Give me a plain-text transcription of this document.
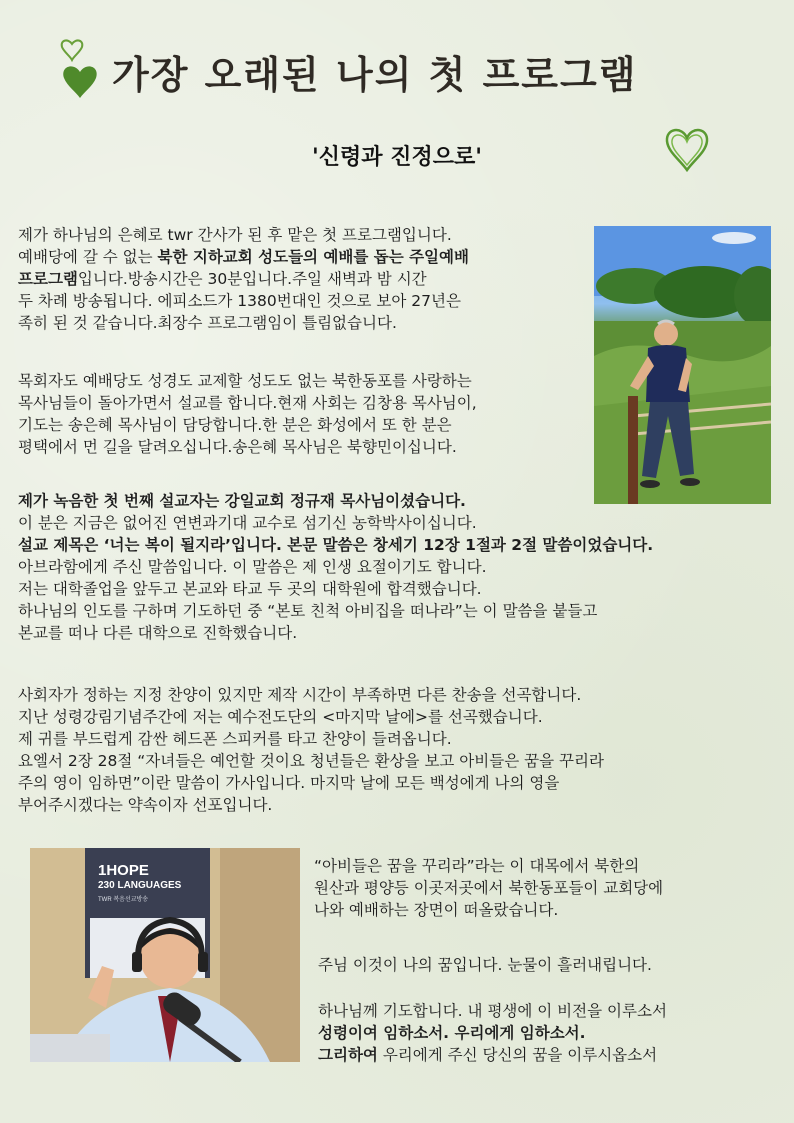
가장 오래된 나의 첫 프로그램
'신령과 진정으로'
제가 하나님의 은혜로 twr 간사가 된 후 맡은 첫 프로그램입니다.
예배당에 갈 수 없는 북한 지하교회 성도들의 예배를 돕는 주일예배
프로그램입니다.방송시간은 30분입니다.주일 새벽과 밤 시간
두 차례 방송됩니다. 에피소드가 1380번대인 것으로 보아 27년은
족히 된 것 같습니다.최장수 프로그램임이 틀림없습니다.
목회자도 예배당도 성경도 교제할 성도도 없는 북한동포를 사랑하는
목사님들이 돌아가면서 설교를 합니다.현재 사회는 김창용 목사님이,
기도는 송은혜 목사님이 담당합니다.한 분은 화성에서 또 한 분은
평택에서 먼 길을 달려오십니다.송은혜 목사님은 북향민이십니다.
제가 녹음한 첫 번째 설교자는 강일교회 정규재 목사님이셨습니다.
이 분은 지금은 없어진 연변과기대 교수로 섬기신 농학박사이십니다.
설교 제목은 ‘너는 복이 될지라’입니다. 본문 말씀은 창세기 12장 1절과 2절 말씀이었습니다.
아브라함에게 주신 말씀입니다. 이 말씀은 제 인생 요절이기도 합니다.
저는 대학졸업을 앞두고 본교와 타교 두 곳의 대학원에 합격했습니다.
하나님의 인도를 구하며 기도하던 중 “본토 친척 아비집을 떠나라”는 이 말씀을 붙들고
본교를 떠나 다른 대학으로 진학했습니다.
사회자가 정하는 지정 찬양이 있지만 제작 시간이 부족하면 다른 찬송을 선곡합니다.
지난 성령강림기념주간에 저는 예수전도단의 <마지막 날에>를 선곡했습니다.
제 귀를 부드럽게 감싼 헤드폰 스피커를 타고 찬양이 들려옵니다.
요엘서 2장 28절 “자녀들은 예언할 것이요 청년들은 환상을 보고 아비들은 꿈을 꾸리라
주의 영이 임하면”이란 말씀이 가사입니다. 마지막 날에 모든 백성에게 나의 영을
부어주시겠다는 약속이자 선포입니다.
“아비들은 꿈을 꾸리라”라는 이 대목에서 북한의
원산과 평양등 이곳저곳에서 북한동포들이 교회당에
나와 예배하는 장면이 떠올랐습니다.
주님 이것이 나의 꿈입니다. 눈물이 흘러내립니다.
하나님께 기도합니다. 내 평생에 이 비전을 이루소서
성령이여 임하소서. 우리에게 임하소서.
그리하여 우리에게 주신 당신의 꿈을 이루시옵소서
1HOPE
230 LANGUAGES
TWR 복음선교방송
